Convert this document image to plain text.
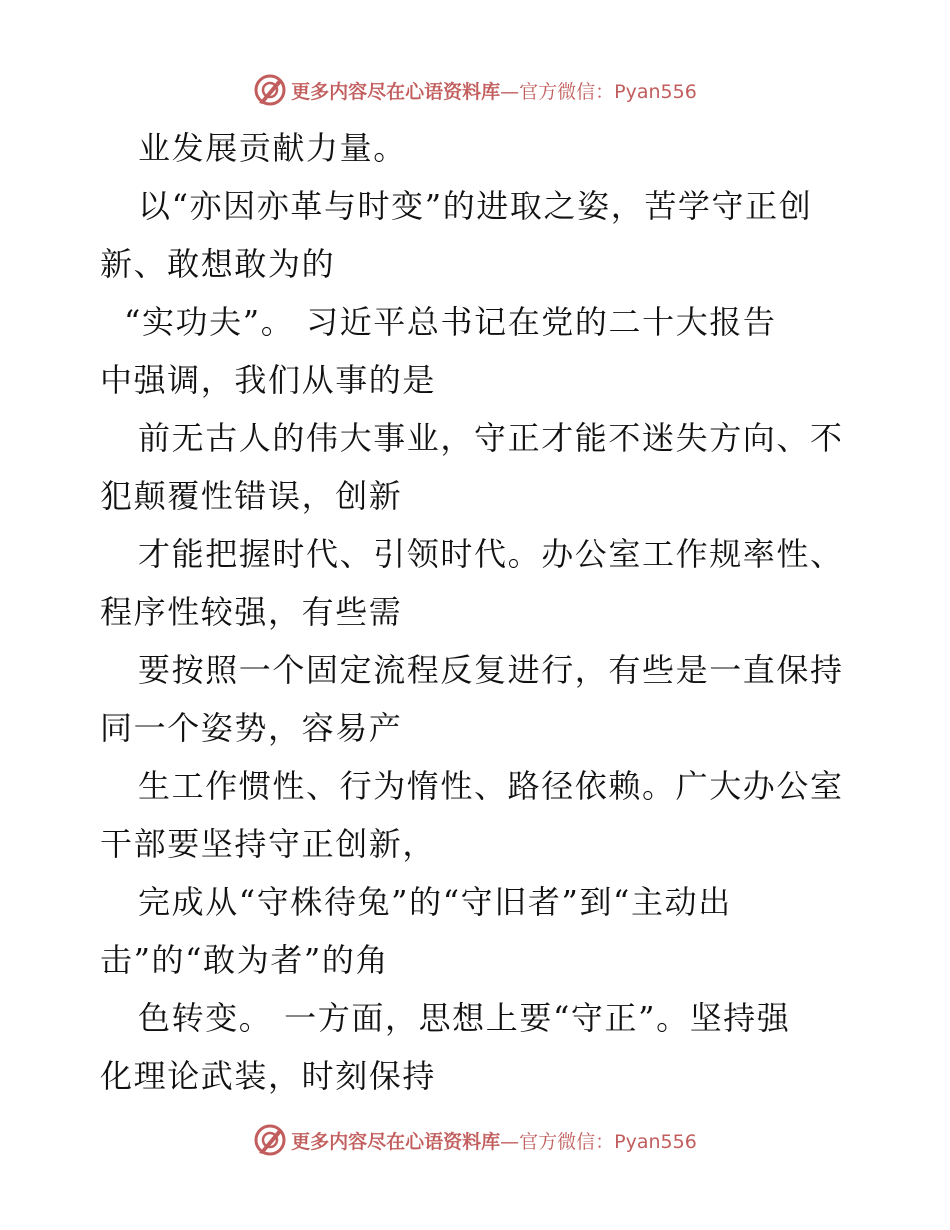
更多内容尽在心语资料库—官方微信：Pyan556
业发展贡献力量。
以“亦因亦革与时变”的进取之姿，苦学守正创
新、敢想敢为的
“实功夫”。 习近平总书记在党的二十大报告
中强调，我们从事的是
前无古人的伟大事业，守正才能不迷失方向、不
犯颠覆性错误，创新
才能把握时代、引领时代。办公室工作规率性、
程序性较强，有些需
要按照一个固定流程反复进行，有些是一直保持
同一个姿势，容易产
生工作惯性、行为惰性、路径依赖。广大办公室
干部要坚持守正创新，
完成从“守株待兔”的“守旧者”到“主动出
击”的“敢为者”的角
色转变。 一方面，思想上要“守正”。坚持强
化理论武装，时刻保持
更多内容尽在心语资料库—官方微信：Pyan556
